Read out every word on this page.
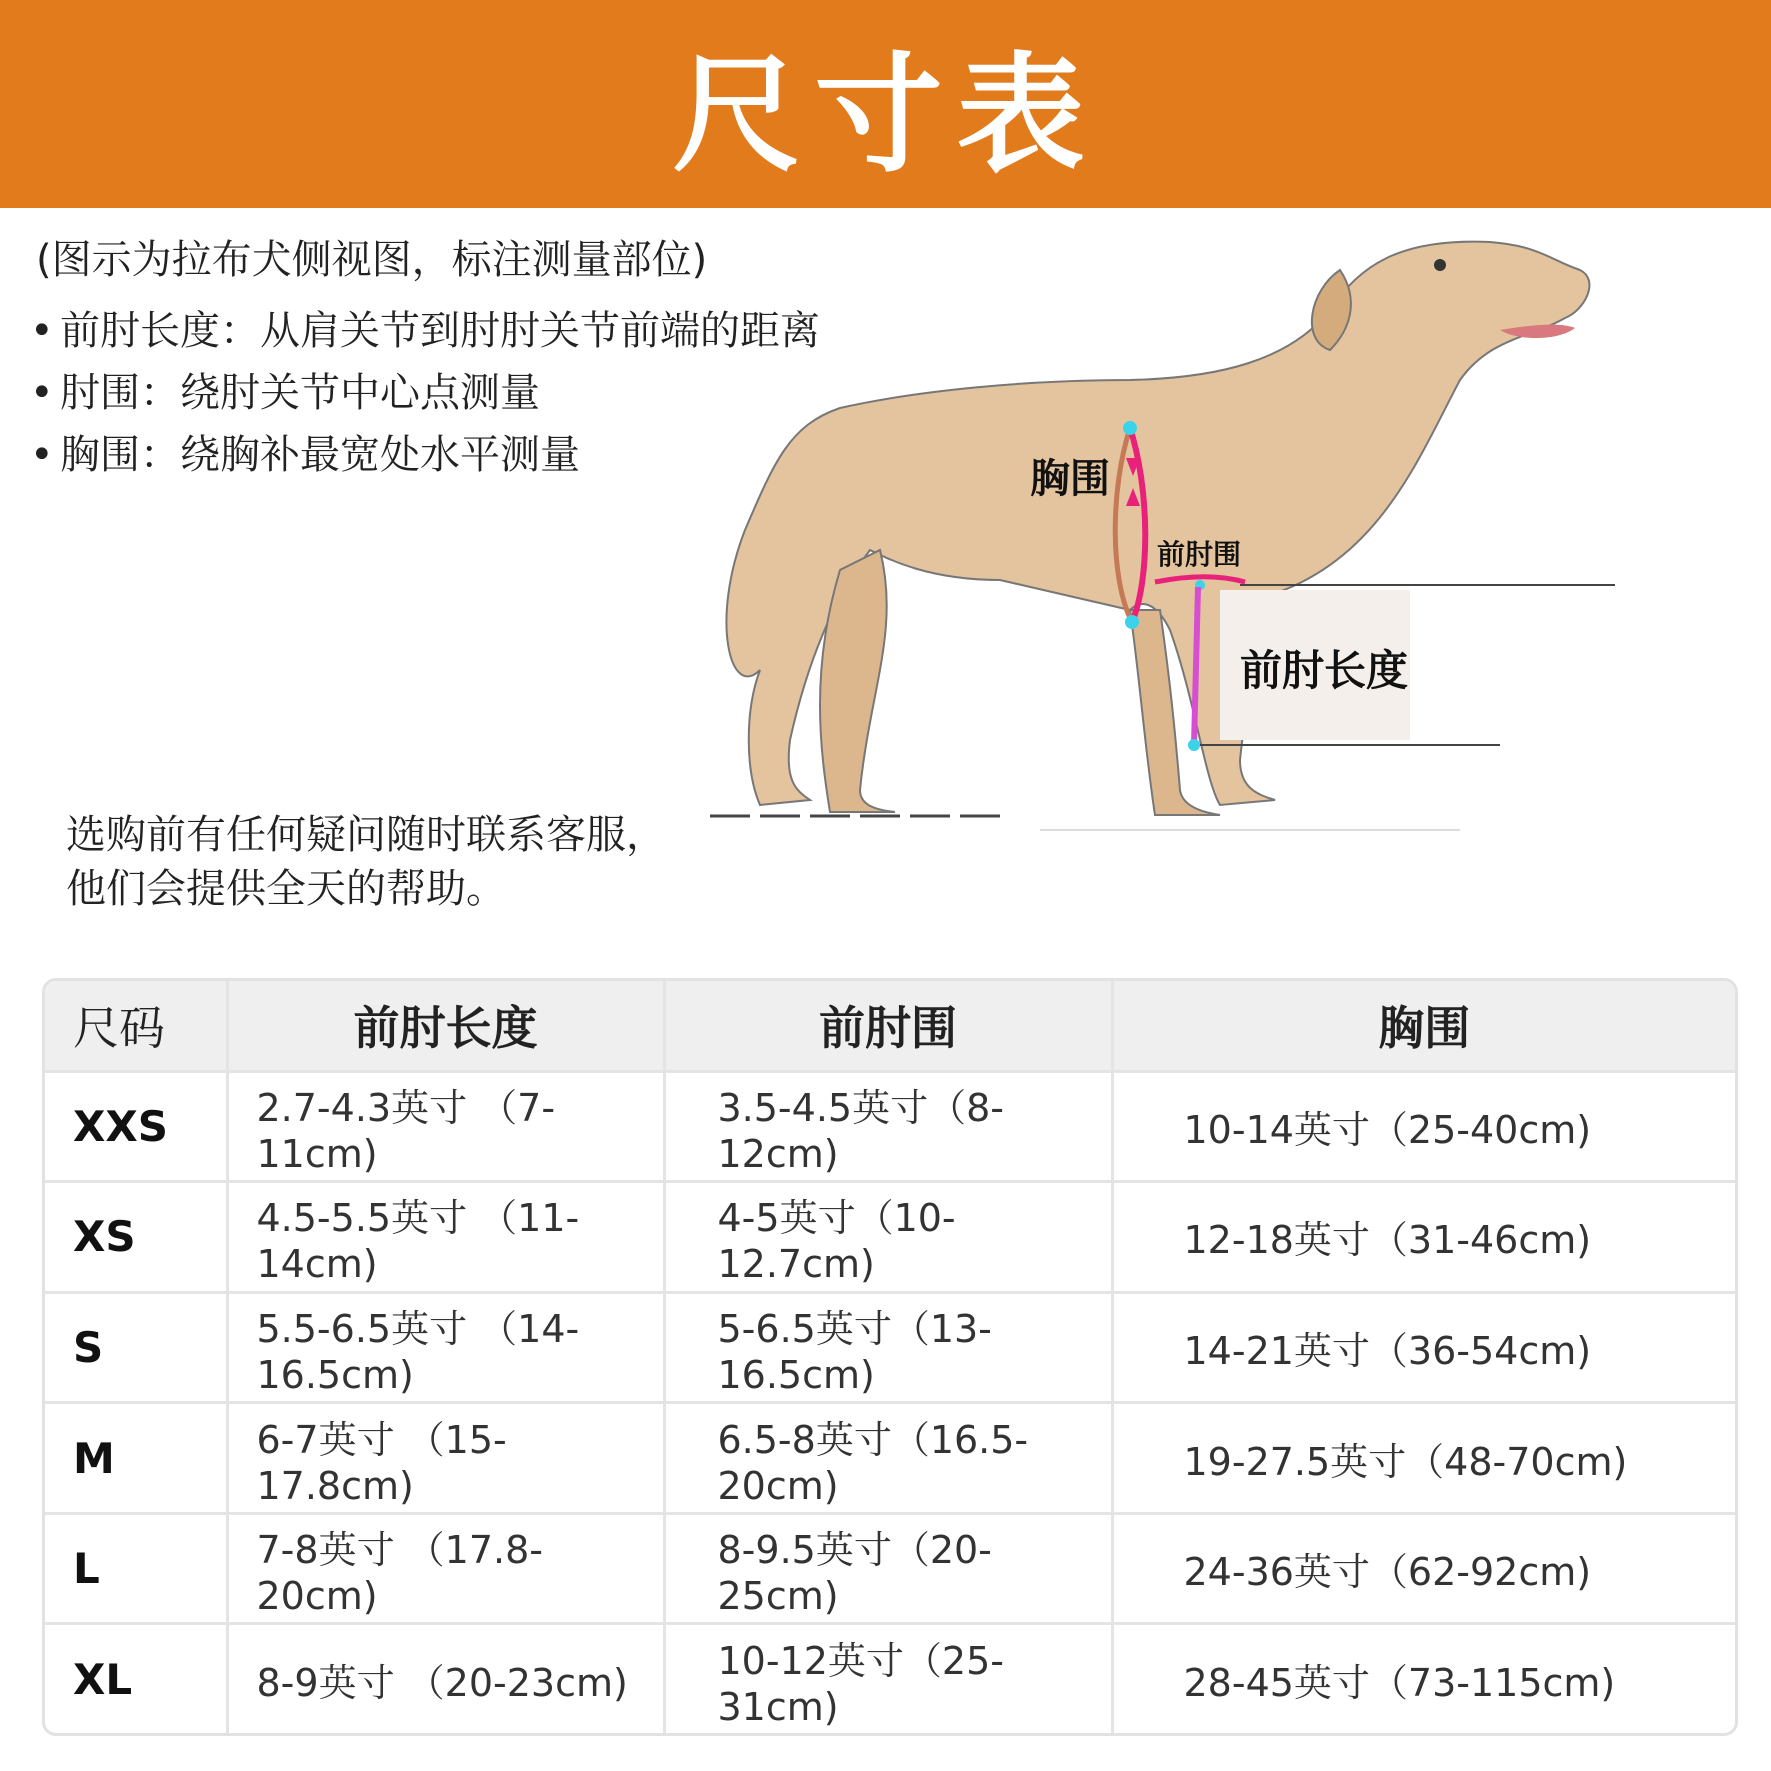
尺寸表
(图示为拉布犬侧视图，标注测量部位)
• 前肘长度：从肩关节到肘肘关节前端的距离
• 肘围：绕肘关节中心点测量
• 胸围：绕胸补最宽处水平测量
选购前有任何疑问随时联系客服，
他们会提供全天的帮助。
胸围
前肘围
前肘长度
尺码	前肘长度	前肘围	胸围
XXS	2.7-4.3英寸 （7-11cm)	3.5-4.5英寸（8-12cm)	10-14英寸（25-40cm)
XS	4.5-5.5英寸 （11-14cm)	4-5英寸（10-12.7cm)	12-18英寸（31-46cm)
S	5.5-6.5英寸 （14-16.5cm)	5-6.5英寸（13-16.5cm)	14-21英寸（36-54cm)
M	6-7英寸 （15-17.8cm)	6.5-8英寸（16.5-20cm)	19-27.5英寸（48-70cm)
L	7-8英寸 （17.8-20cm)	8-9.5英寸（20-25cm)	24-36英寸（62-92cm)
XL	8-9英寸 （20-23cm)	10-12英寸（25-31cm)	28-45英寸（73-115cm)
